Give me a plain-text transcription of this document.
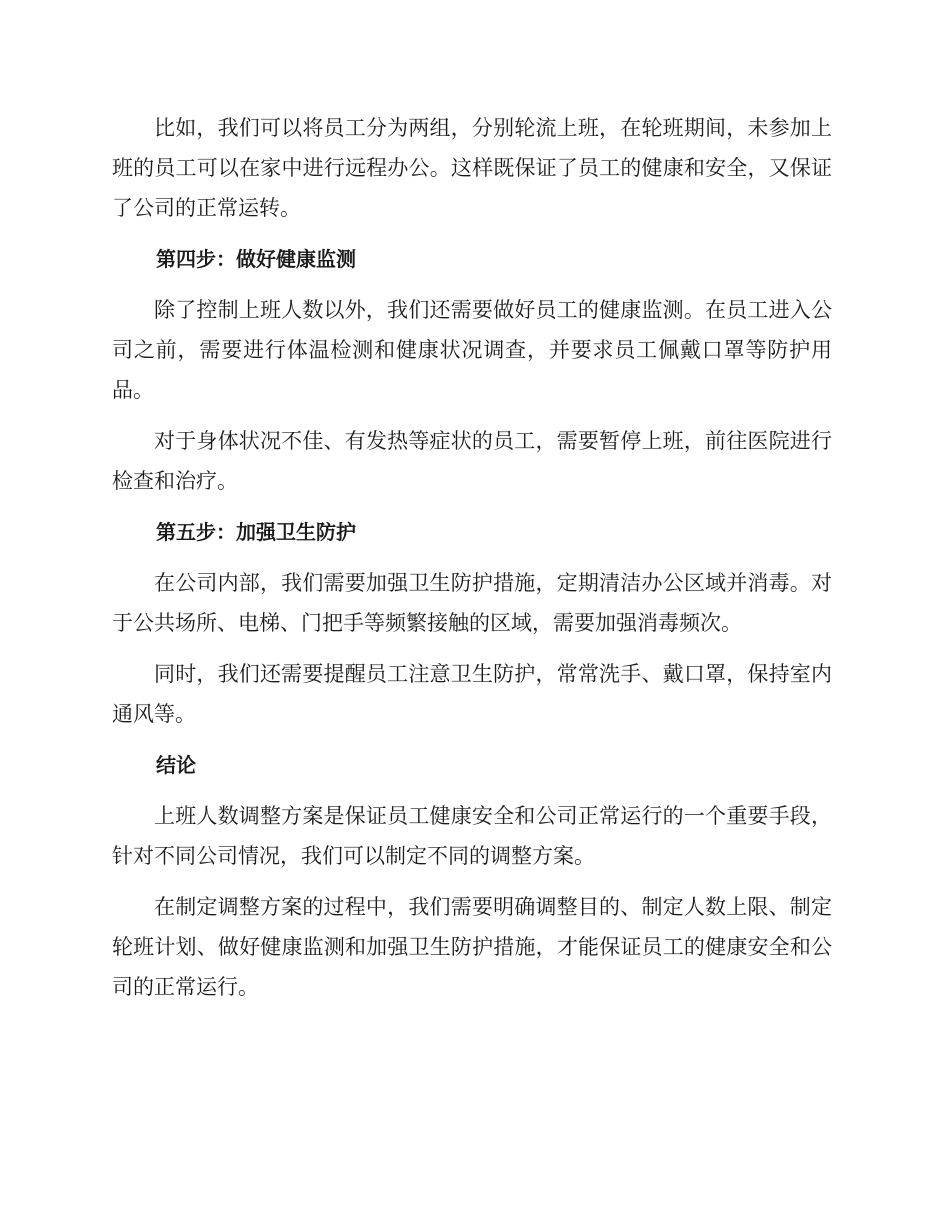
比如，我们可以将员工分为两组，分别轮流上班，在轮班期间，未参加上班的员工可以在家中进行远程办公。这样既保证了员工的健康和安全，又保证了公司的正常运转。

第四步：做好健康监测

除了控制上班人数以外，我们还需要做好员工的健康监测。在员工进入公司之前，需要进行体温检测和健康状况调查，并要求员工佩戴口罩等防护用品。

对于身体状况不佳、有发热等症状的员工，需要暂停上班，前往医院进行检查和治疗。

第五步：加强卫生防护

在公司内部，我们需要加强卫生防护措施，定期清洁办公区域并消毒。对于公共场所、电梯、门把手等频繁接触的区域，需要加强消毒频次。

同时，我们还需要提醒员工注意卫生防护，常常洗手、戴口罩，保持室内通风等。

结论

上班人数调整方案是保证员工健康安全和公司正常运行的一个重要手段，针对不同公司情况，我们可以制定不同的调整方案。

在制定调整方案的过程中，我们需要明确调整目的、制定人数上限、制定轮班计划、做好健康监测和加强卫生防护措施，才能保证员工的健康安全和公司的正常运行。
